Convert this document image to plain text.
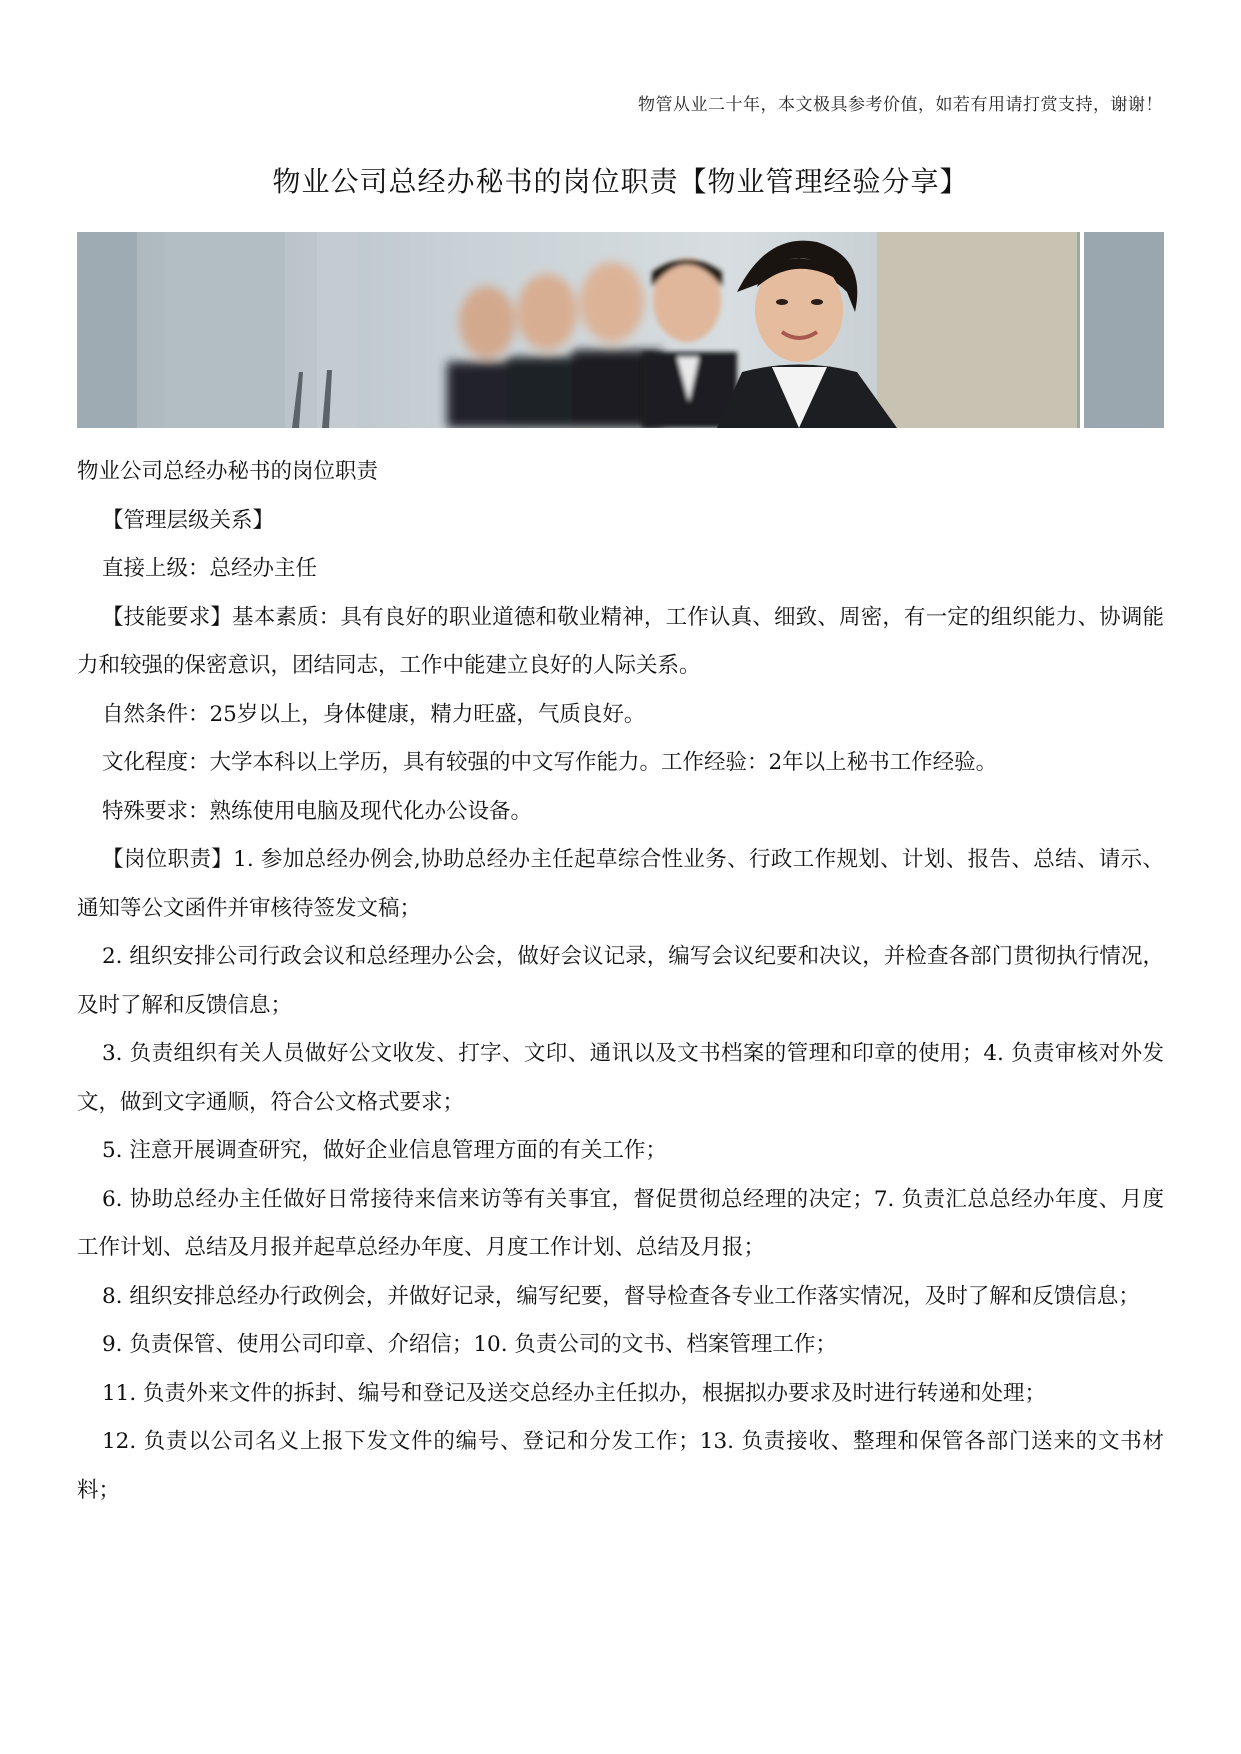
物管从业二十年，本文极具参考价值，如若有用请打赏支持，谢谢！
物业公司总经办秘书的岗位职责【物业管理经验分享】

物业公司总经办秘书的岗位职责

【管理层级关系】

直接上级：总经办主任

【技能要求】基本素质：具有良好的职业道德和敬业精神，工作认真、细致、周密，有一定的组织能力、协调能力和较强的保密意识，团结同志，工作中能建立良好的人际关系。

自然条件：25岁以上，身体健康，精力旺盛，气质良好。

文化程度：大学本科以上学历，具有较强的中文写作能力。工作经验：2年以上秘书工作经验。

特殊要求：熟练使用电脑及现代化办公设备。

【岗位职责】1. 参加总经办例会,协助总经办主任起草综合性业务、行政工作规划、计划、报告、总结、请示、通知等公文函件并审核待签发文稿；

2. 组织安排公司行政会议和总经理办公会，做好会议记录，编写会议纪要和决议，并检查各部门贯彻执行情况，及时了解和反馈信息；

3. 负责组织有关人员做好公文收发、打字、文印、通讯以及文书档案的管理和印章的使用；4. 负责审核对外发文，做到文字通顺，符合公文格式要求；

5. 注意开展调查研究，做好企业信息管理方面的有关工作；

6. 协助总经办主任做好日常接待来信来访等有关事宜，督促贯彻总经理的决定；7. 负责汇总总经办年度、月度工作计划、总结及月报并起草总经办年度、月度工作计划、总结及月报；

8. 组织安排总经办行政例会，并做好记录，编写纪要，督导检查各专业工作落实情况，及时了解和反馈信息；

9. 负责保管、使用公司印章、介绍信；10. 负责公司的文书、档案管理工作；

11. 负责外来文件的拆封、编号和登记及送交总经办主任拟办，根据拟办要求及时进行转递和处理；

12. 负责以公司名义上报下发文件的编号、登记和分发工作；13. 负责接收、整理和保管各部门送来的文书材料；
